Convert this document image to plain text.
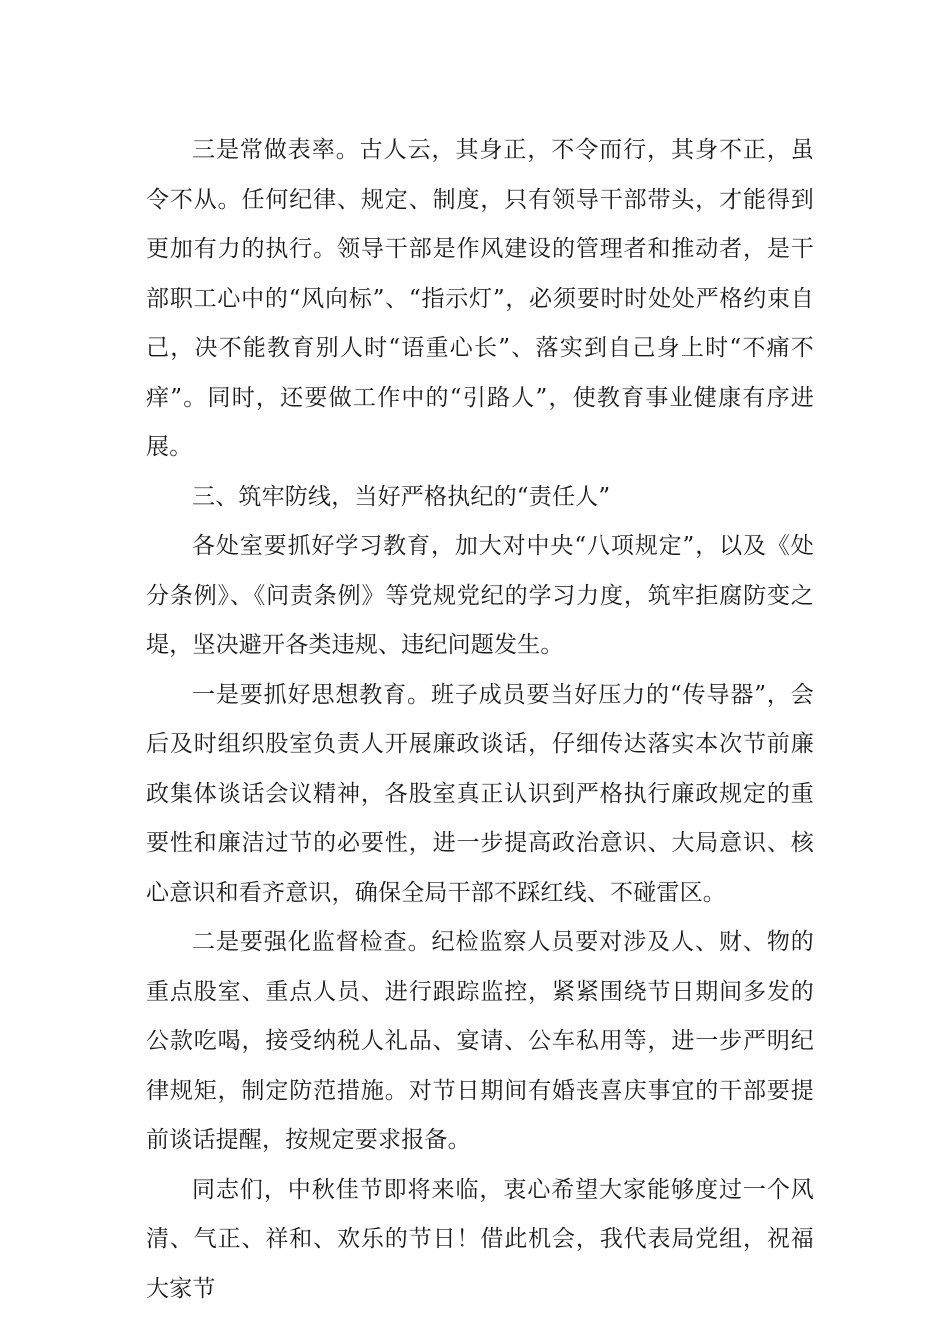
三是常做表率。古人云，其身正，不令而行，其身不正，虽令不从。任何纪律、规定、制度，只有领导干部带头，才能得到更加有力的执行。领导干部是作风建设的管理者和推动者，是干部职工心中的“风向标”、“指示灯”，必须要时时处处严格约束自己，决不能教育别人时“语重心长”、落实到自己身上时“不痛不痒”。同时，还要做工作中的“引路人”，使教育事业健康有序进展。

三、筑牢防线，当好严格执纪的“责任人”

各处室要抓好学习教育，加大对中央“八项规定”，以及《处分条例》、《问责条例》等党规党纪的学习力度，筑牢拒腐防变之堤，坚决避开各类违规、违纪问题发生。

一是要抓好思想教育。班子成员要当好压力的“传导器”，会后及时组织股室负责人开展廉政谈话，仔细传达落实本次节前廉政集体谈话会议精神，各股室真正认识到严格执行廉政规定的重要性和廉洁过节的必要性，进一步提高政治意识、大局意识、核心意识和看齐意识，确保全局干部不踩红线、不碰雷区。

二是要强化监督检查。纪检监察人员要对涉及人、财、物的重点股室、重点人员、进行跟踪监控，紧紧围绕节日期间多发的公款吃喝，接受纳税人礼品、宴请、公车私用等，进一步严明纪律规矩，制定防范措施。对节日期间有婚丧喜庆事宜的干部要提前谈话提醒，按规定要求报备。

同志们，中秋佳节即将来临，衷心希望大家能够度过一个风清、气正、祥和、欢乐的节日！借此机会，我代表局党组，祝福大家节
